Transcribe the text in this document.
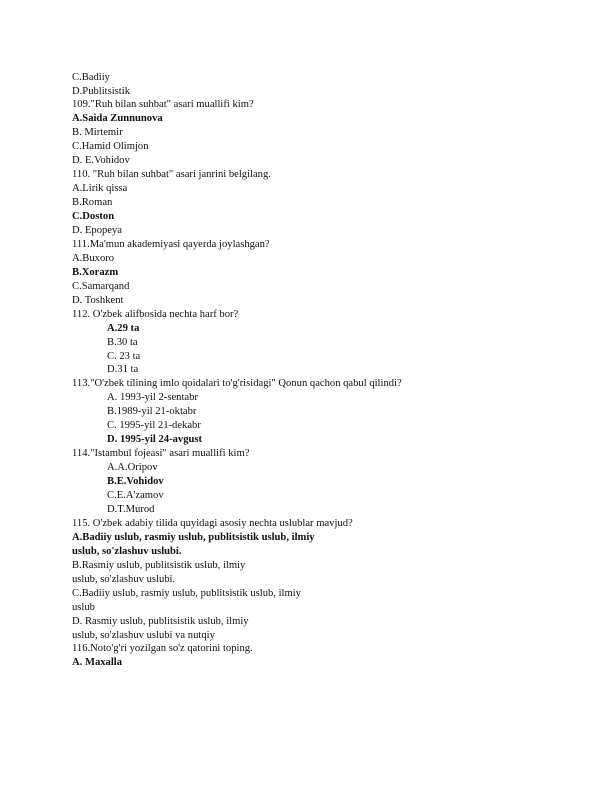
C.Badiiy
D.Publitsistik
109."Ruh bilan suhbat" asari muallifi kim?
A.Saida Zunnunova
B. Mirtemir
C.Hamid Olimjon
D. E.Vohidov
110. "Ruh bilan suhbat" asari janrini belgilang.
A.Lirik qissa
B.Roman
C.Doston
D. Epopeya
111.Ma'mun akademiyasi qayerda joylashgan?
A.Buxoro
B.Xorazm
C.Samarqand
D. Toshkent
112. O'zbek alifbosida nechta harf bor?
A.29 ta
B.30 ta
C. 23 ta
D.31 ta
113."O'zbek tilining imlo qoidalari to'g'risidagi" Qonun qachon qabul qilindi?
A. 1993-yil 2-sentabr
B.1989-yil 21-oktabr
C. 1995-yil 21-dekabr
D. 1995-yil 24-avgust
114."Istambul fojeasi" asari muallifi kim?
A.A.Oripov
B.E.Vohidov
C.E.A'zamov
D.T.Murod
115. O'zbek adabiy tilida quyidagi asosiy nechta uslublar mavjud?
A.Badiiy uslub, rasmiy uslub, publitsistik uslub, ilmiy
uslub, so'zlashuv uslubi.
B.Rasmiy uslub, publitsistik uslub, ilmiy
uslub, so'zlashuv uslubi.
C.Badiiy uslub, rasmiy uslub, publitsistik uslub, ilmiy
uslub
D. Rasmiy uslub, publitsistik uslub, ilmiy
uslub, so'zlashuv uslubi va nutqiy
116.Noto'g'ri yozilgan so'z qatorini toping.
A. Maxalla
